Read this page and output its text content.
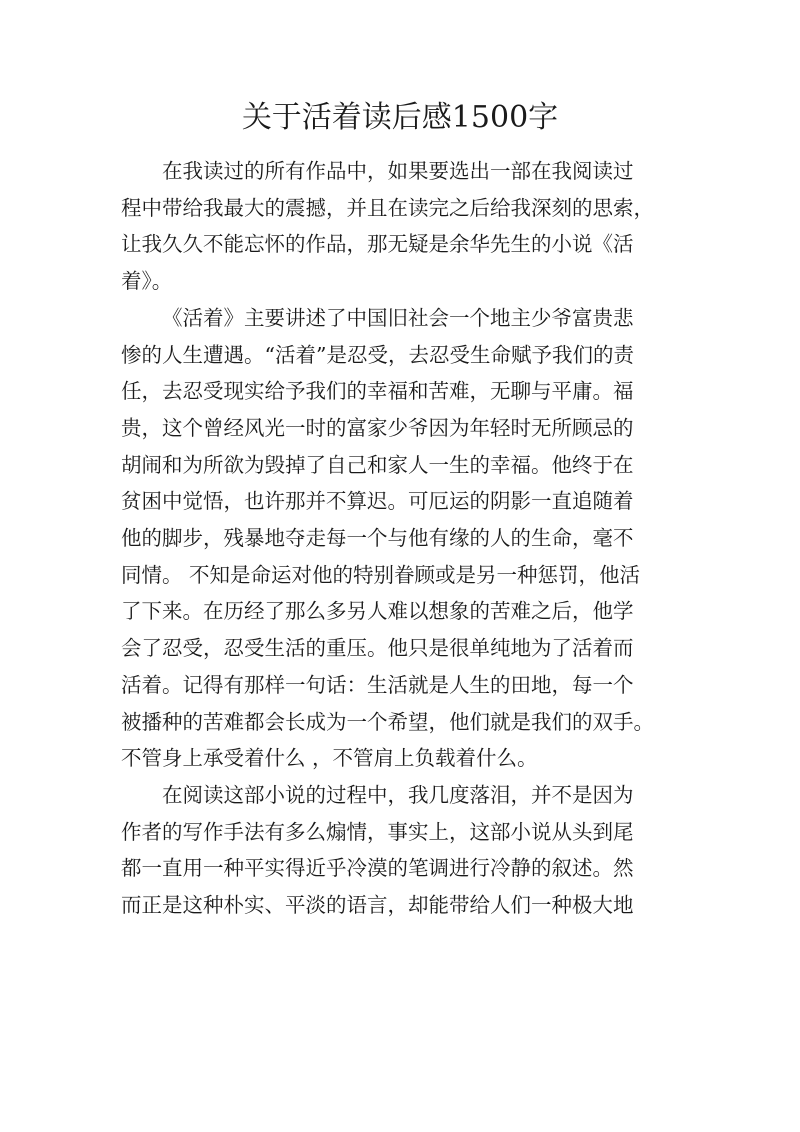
关于活着读后感1500字

在我读过的所有作品中，如果要选出一部在我阅读过
程中带给我最大的震撼，并且在读完之后给我深刻的思索，
让我久久不能忘怀的作品，那无疑是余华先生的小说《活
着》。

《活着》主要讲述了中国旧社会一个地主少爷富贵悲
惨的人生遭遇。“活着”是忍受，去忍受生命赋予我们的责
任，去忍受现实给予我们的幸福和苦难，无聊与平庸。福
贵，这个曾经风光一时的富家少爷因为年轻时无所顾忌的
胡闹和为所欲为毁掉了自己和家人一生的幸福。他终于在
贫困中觉悟，也许那并不算迟。可厄运的阴影一直追随着
他的脚步，残暴地夺走每一个与他有缘的人的生命，毫不
同情。 不知是命运对他的特别眷顾或是另一种惩罚，他活
了下来。在历经了那么多另人难以想象的苦难之后，他学
会了忍受，忍受生活的重压。他只是很单纯地为了活着而
活着。记得有那样一句话：生活就是人生的田地，每一个
被播种的苦难都会长成为一个希望，他们就是我们的双手。
不管身上承受着什么 ，不管肩上负载着什么。

在阅读这部小说的过程中，我几度落泪，并不是因为
作者的写作手法有多么煽情，事实上，这部小说从头到尾
都一直用一种平实得近乎冷漠的笔调进行冷静的叙述。然
而正是这种朴实、平淡的语言，却能带给人们一种极大地
